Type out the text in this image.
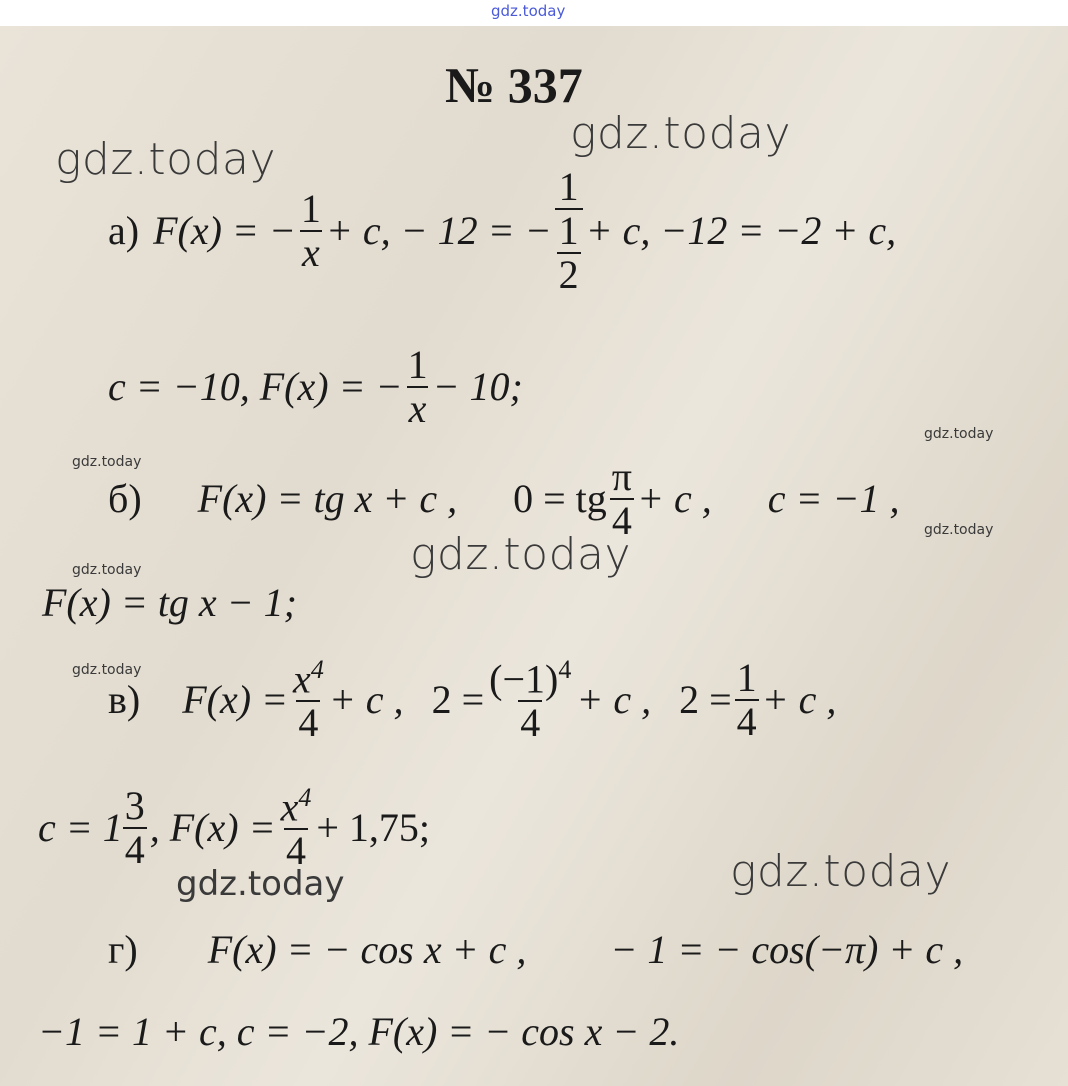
gdz.today
№ 337
gdz.today
gdz.today
gdz.today
gdz.today
gdz.today
gdz.today
gdz.today
gdz.today
gdz.today	gdz.today
а) F(x) = − $\frac{1}{x} + c$, − 12 = − $\frac{1}{\frac{1}{2}} + c$, −12 = −2 + c,
c = −10, F(x) = − $\frac{1}{x} - 10$;
б) F(x) = tg x + c , 0 = tg $\frac{\pi}{4} + c$ , c = −1 ,
F(x) = tg x − 1;
в) $F(x) = \frac{x^4}{4} + c$ , $2 = \frac{(-1)^4}{4} + c$ , $2 = \frac{1}{4} + c$ ,
$c = 1 \frac{3}{4}$ , $F(x) = \frac{x^4}{4} + 1,75$;
г) F(x) = − cos x + c , − 1 = − cos(−π) + c ,
−1 = 1 + c, c = −2, F(x) = − cos x − 2.
